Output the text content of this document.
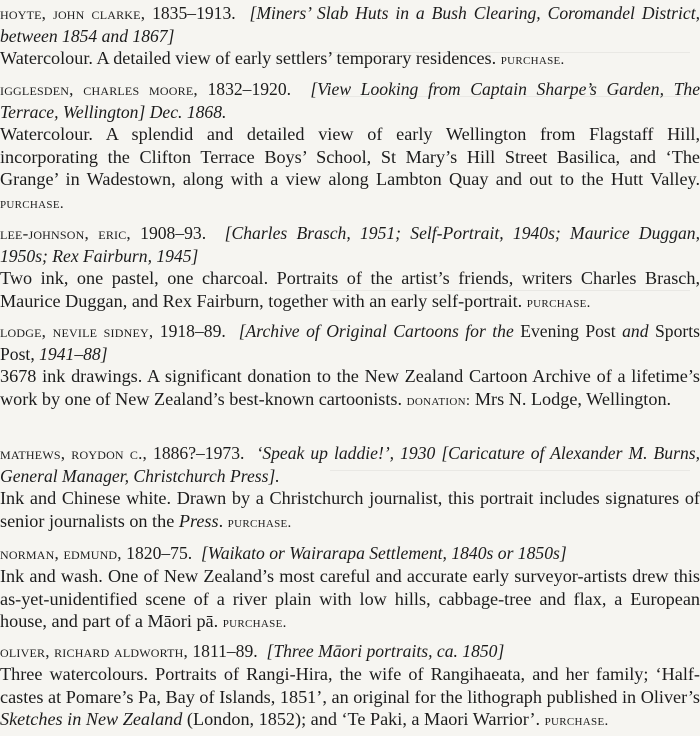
hoyte, john clarke, 1835–1913. [Miners’ Slab Huts in a Bush Clearing, Coromandel District, between 1854 and 1867]

Watercolour. A detailed view of early settlers’ temporary residences. purchase.

igglesden, charles moore, 1832–1920. [View Looking from Captain Sharpe’s Garden, The Terrace, Wellington] Dec. 1868.

Watercolour. A splendid and detailed view of early Wellington from Flagstaff Hill, incorporating the Clifton Terrace Boys’ School, St Mary’s Hill Street Basilica, and ‘The Grange’ in Wadestown, along with a view along Lambton Quay and out to the Hutt Valley. purchase.

lee-johnson, eric, 1908–93. [Charles Brasch, 1951; Self-Portrait, 1940s; Maurice Duggan, 1950s; Rex Fairburn, 1945]

Two ink, one pastel, one charcoal. Portraits of the artist’s friends, writers Charles Brasch, Maurice Duggan, and Rex Fairburn, together with an early self-portrait. purchase.

lodge, nevile sidney, 1918–89. [Archive of Original Cartoons for the Evening Post and Sports Post, 1941–88]

3678 ink drawings. A significant donation to the New Zealand Cartoon Archive of a lifetime’s work by one of New Zealand’s best-known cartoonists. donation: Mrs N. Lodge, Wellington.

mathews, roydon c., 1886?–1973. ‘Speak up laddie!’, 1930 [Caricature of Alexander M. Burns, General Manager, Christchurch Press].

Ink and Chinese white. Drawn by a Christchurch journalist, this portrait includes signatures of senior journalists on the Press. purchase.

norman, edmund, 1820–75. [Waikato or Wairarapa Settlement, 1840s or 1850s]

Ink and wash. One of New Zealand’s most careful and accurate early surveyor-artists drew this as-yet-unidentified scene of a river plain with low hills, cabbage-tree and flax, a European house, and part of a Māori pā. purchase.

oliver, richard aldworth, 1811–89. [Three Māori portraits, ca. 1850]

Three watercolours. Portraits of Rangi-Hira, the wife of Rangihaeata, and her family; ‘Half-castes at Pomare’s Pa, Bay of Islands, 1851’, an original for the lithograph published in Oliver’s Sketches in New Zealand (London, 1852); and ‘Te Paki, a Maori Warrior’. purchase.
